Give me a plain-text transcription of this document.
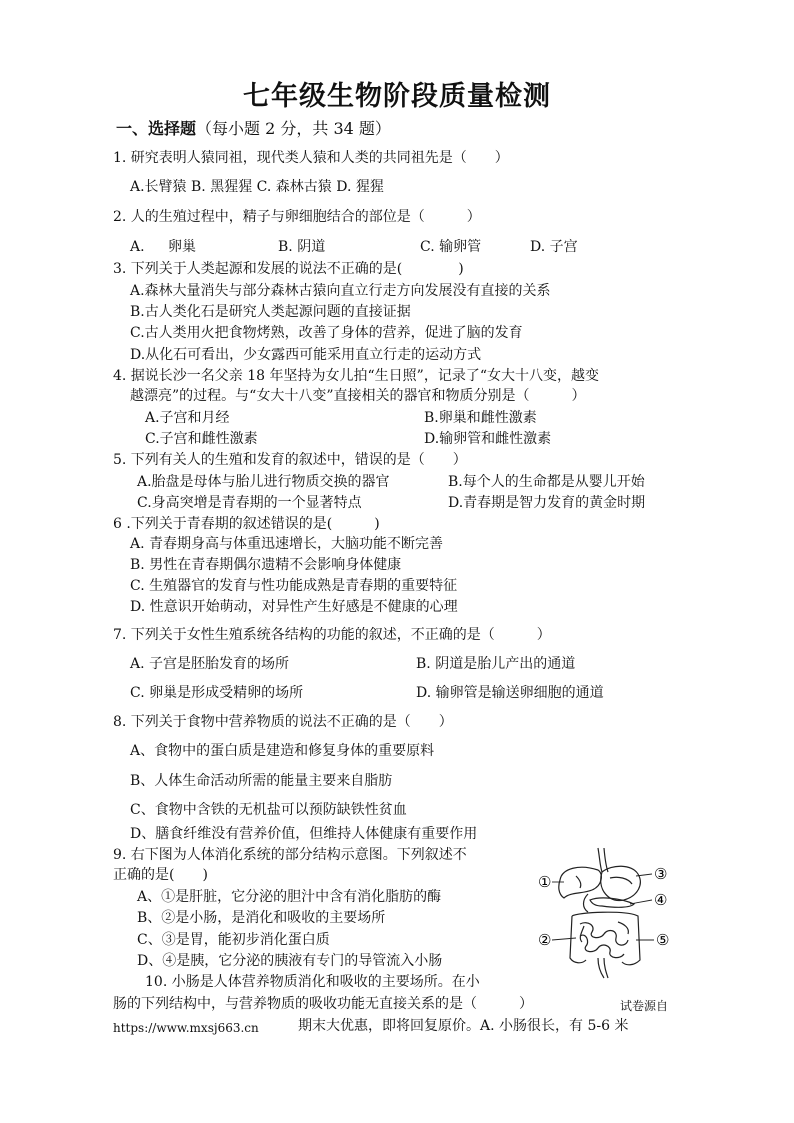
七年级生物阶段质量检测
一、选择题（每小题 2 分，共 34 题）
1. 研究表明人猿同祖，现代类人猿和人类的共同祖先是（　　）
A.长臂猿 B. 黑猩猩 C. 森林古猿 D. 猩猩
2. 人的生殖过程中，精子与卵细胞结合的部位是（　　　）
A. 卵巢	B. 阴道	C. 输卵管	D. 子宫
3. 下列关于人类起源和发展的说法不正确的是(　　　　)
A.森林大量消失与部分森林古猿向直立行走方向发展没有直接的关系
B.古人类化石是研究人类起源问题的直接证据
C.古人类用火把食物烤熟，改善了身体的营养，促进了脑的发育
D.从化石可看出，少女露西可能采用直立行走的运动方式
4. 据说长沙一名父亲 18 年坚持为女儿拍“生日照”，记录了“女大十八变，越变
越漂亮”的过程。与“女大十八变”直接相关的器官和物质分别是（　　　）
A.子宫和月经	B.卵巢和雌性激素
C.子宫和雌性激素	D.输卵管和雌性激素
5. 下列有关人的生殖和发育的叙述中，错误的是（　　）
A.胎盘是母体与胎儿进行物质交换的器官	B.每个人的生命都是从婴儿开始
C.身高突增是青春期的一个显著特点	D.青春期是智力发育的黄金时期
6 .下列关于青春期的叙述错误的是(　　　)
A. 青春期身高与体重迅速增长，大脑功能不断完善
B. 男性在青春期偶尔遗精不会影响身体健康
C. 生殖器官的发育与性功能成熟是青春期的重要特征
D. 性意识开始萌动，对异性产生好感是不健康的心理
7. 下列关于女性生殖系统各结构的功能的叙述，不正确的是（　　　）
A. 子宫是胚胎发育的场所	B. 阴道是胎儿产出的通道
C. 卵巢是形成受精卵的场所	D. 输卵管是输送卵细胞的通道
8. 下列关于食物中营养物质的说法不正确的是（　　）
A、食物中的蛋白质是建造和修复身体的重要原料
B、人体生命活动所需的能量主要来自脂肪
C、食物中含铁的无机盐可以预防缺铁性贫血
D、膳食纤维没有营养价值，但维持人体健康有重要作用
9. 右下图为人体消化系统的部分结构示意图。下列叙述不
正确的是(　　)
A、①是肝脏，它分泌的胆汁中含有消化脂肪的酶
B、②是小肠，是消化和吸收的主要场所
C、③是胃，能初步消化蛋白质
D、④是胰，它分泌的胰液有专门的导管流入小肠
10. 小肠是人体营养物质消化和吸收的主要场所。在小
肠的下列结构中，与营养物质的吸收功能无直接关系的是（　　　）	试卷源自
https://www.mxsj663.cn	期末大优惠，即将回复原价。A. 小肠很长，有 5-6 米
①
②
③
④
⑤
